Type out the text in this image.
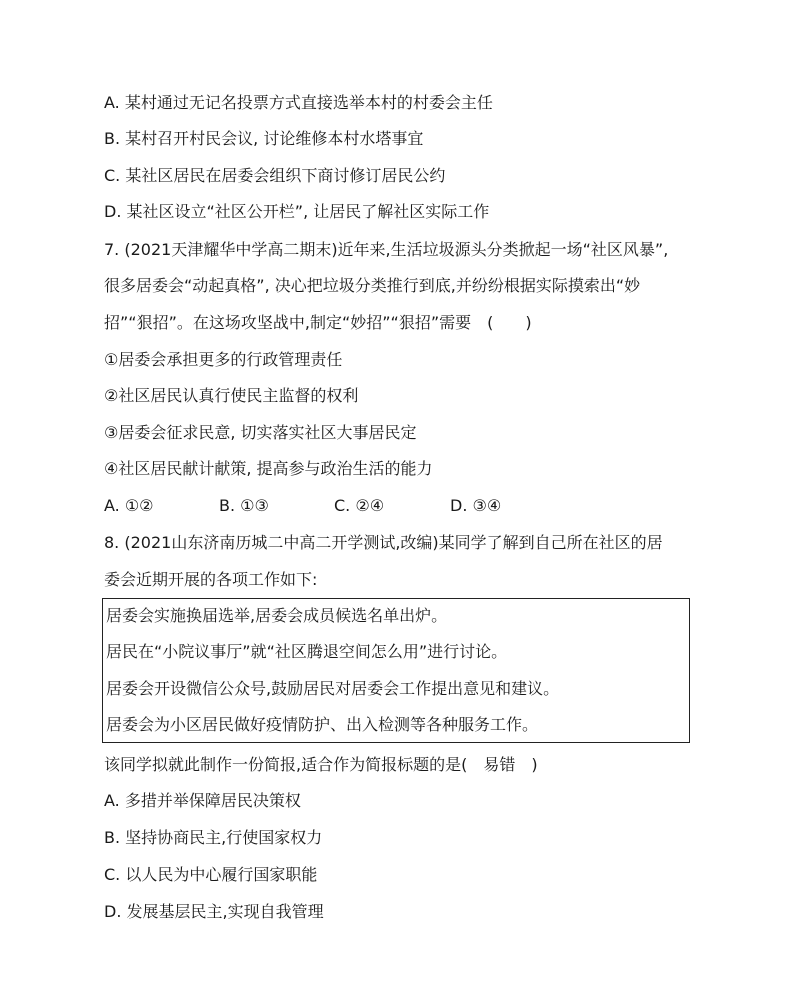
A. 某村通过无记名投票方式直接选举本村的村委会主任
B. 某村召开村民会议, 讨论维修本村水塔事宜
C. 某社区居民在居委会组织下商讨修订居民公约
D. 某社区设立“社区公开栏”, 让居民了解社区实际工作
7. (2021天津耀华中学高二期末)近年来,生活垃圾源头分类掀起一场“社区风暴”,
很多居委会“动起真格”, 决心把垃圾分类推行到底,并纷纷根据实际摸索出“妙
招”“狠招”。在这场攻坚战中,制定“妙招”“狠招”需要　(　　)
①居委会承担更多的行政管理责任
②社区居民认真行使民主监督的权利
③居委会征求民意, 切实落实社区大事居民定
④社区居民献计献策, 提高参与政治生活的能力
A. ①②	B. ①③	C. ②④	D. ③④
8. (2021山东济南历城二中高二开学测试,改编)某同学了解到自己所在社区的居
委会近期开展的各项工作如下:
居委会实施换届选举,居委会成员候选名单出炉。
居民在“小院议事厅”就“社区腾退空间怎么用”进行讨论。
居委会开设微信公众号,鼓励居民对居委会工作提出意见和建议。
居委会为小区居民做好疫情防护、出入检测等各种服务工作。
该同学拟就此制作一份简报,适合作为简报标题的是(　易错　)
A. 多措并举保障居民决策权
B. 坚持协商民主,行使国家权力
C. 以人民为中心履行国家职能
D. 发展基层民主,实现自我管理
